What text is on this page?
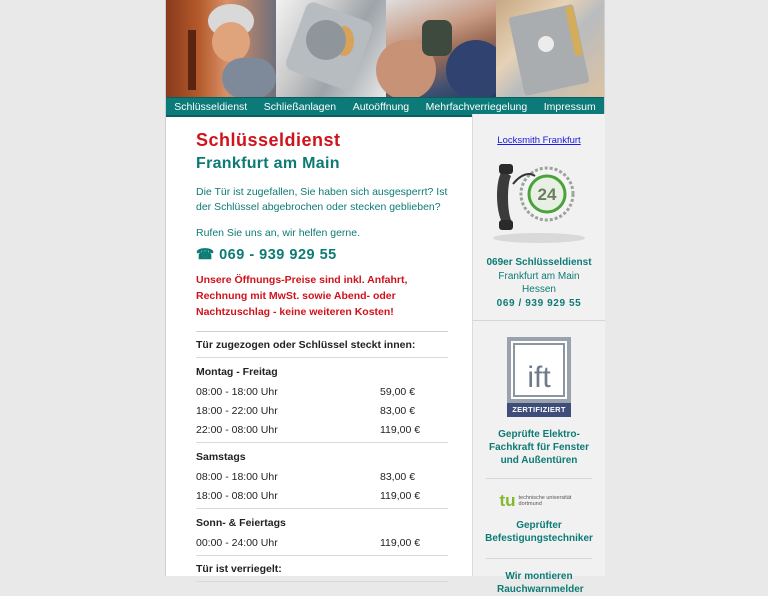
Schlüsseldienst Schließanlagen Autoöffnung Mehrfachverriegelung Impressum
Schlüsseldienst
Frankfurt am Main
Die Tür ist zugefallen, Sie haben sich ausgesperrt? Ist der Schlüssel abgebrochen oder stecken geblieben?
Rufen Sie uns an, wir helfen gerne.
☎ 069 - 939 929 55
Unsere Öffnungs-Preise sind inkl. Anfahrt, Rechnung mit MwSt. sowie Abend- oder Nachtzuschlag - keine weiteren Kosten!
Tür zugezogen oder Schlüssel steckt innen:
Montag - Freitag
08:00 - 18:00 Uhr	59,00 €
18:00 - 22:00 Uhr	83,00 €
22:00 - 08:00 Uhr	119,00 €
Samstags
08:00 - 18:00 Uhr	83,00 €
18:00 - 08:00 Uhr	119,00 €
Sonn- & Feiertags
00:00 - 24:00 Uhr	119,00 €
Tür ist verriegelt:
Locksmith Frankfurt
24
069er Schlüsseldienst
Frankfurt am Main
Hessen
069 / 939 929 55
ift
ZERTIFIZIERT
Geprüfte Elektro-Fachkraft für Fenster und Außentüren
tu technische universität dortmund
Geprüfter Befestigungstechniker
Wir montieren Rauchwarnmelder
